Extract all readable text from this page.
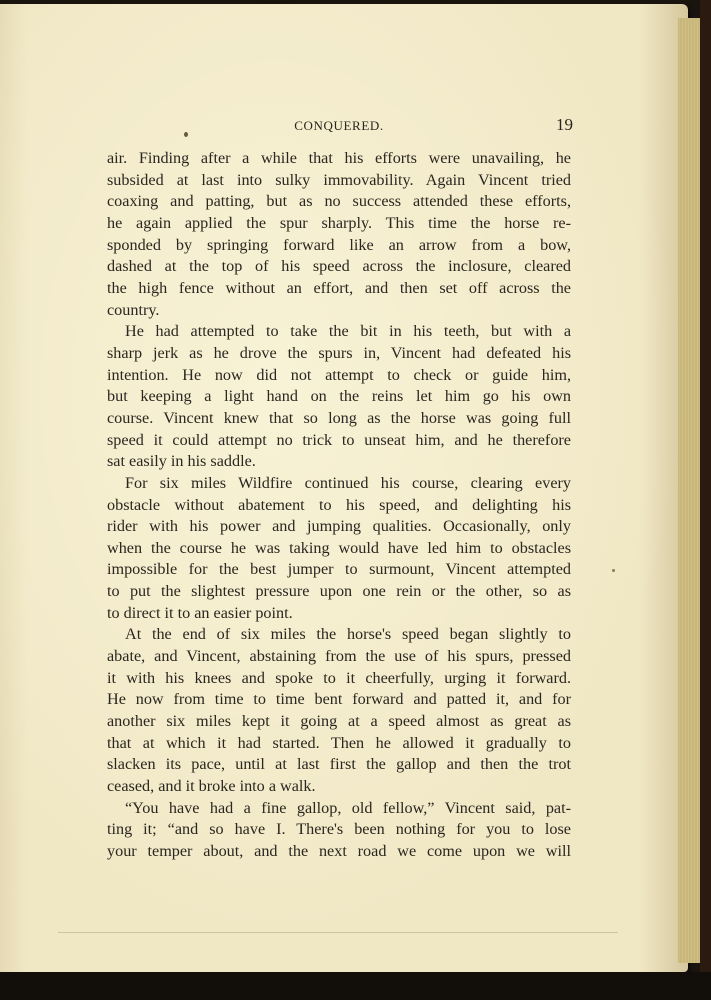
CONQUERED.	19
air. Finding after a while that his efforts were unavailing, he
subsided at last into sulky immovability. Again Vincent tried
coaxing and patting, but as no success attended these efforts,
he again applied the spur sharply. This time the horse re-
sponded by springing forward like an arrow from a bow,
dashed at the top of his speed across the inclosure, cleared
the high fence without an effort, and then set off across the
country.
He had attempted to take the bit in his teeth, but with a
sharp jerk as he drove the spurs in, Vincent had defeated his
intention. He now did not attempt to check or guide him,
but keeping a light hand on the reins let him go his own
course. Vincent knew that so long as the horse was going full
speed it could attempt no trick to unseat him, and he therefore
sat easily in his saddle.
For six miles Wildfire continued his course, clearing every
obstacle without abatement to his speed, and delighting his
rider with his power and jumping qualities. Occasionally, only
when the course he was taking would have led him to obstacles
impossible for the best jumper to surmount, Vincent attempted
to put the slightest pressure upon one rein or the other, so as
to direct it to an easier point.
At the end of six miles the horse's speed began slightly to
abate, and Vincent, abstaining from the use of his spurs, pressed
it with his knees and spoke to it cheerfully, urging it forward.
He now from time to time bent forward and patted it, and for
another six miles kept it going at a speed almost as great as
that at which it had started. Then he allowed it gradually to
slacken its pace, until at last first the gallop and then the trot
ceased, and it broke into a walk.
“You have had a fine gallop, old fellow,” Vincent said, pat-
ting it; “and so have I. There's been nothing for you to lose
your temper about, and the next road we come upon we will
